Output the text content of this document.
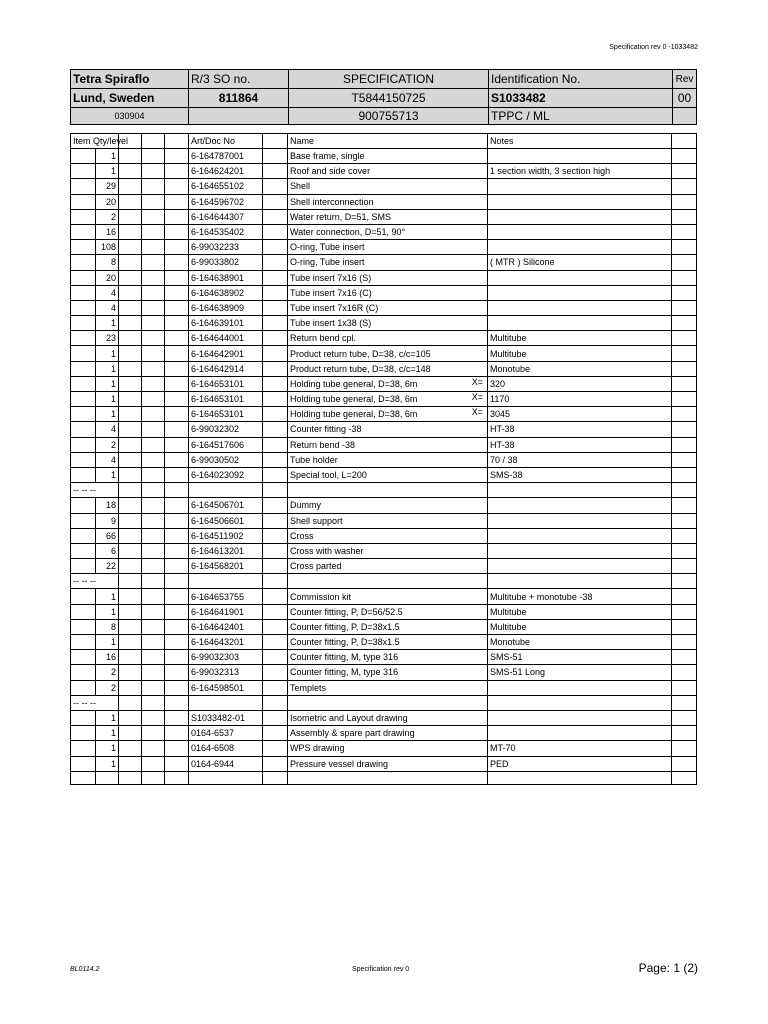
Specification rev 0 -1033482
Tetra Spiraflo	R/3 SO no.	SPECIFICATION	Identification No.	Rev
Lund, Sweden	811864	T5844150725	S1033482	00
030904		900755713	TPPC / ML	
Item Qty/level					Art/Doc No		Name	Notes	
	1				6-164787001		Base frame, single		
	1				6-164624201		Roof and side cover	1 section width, 3 section high	
	29				6-164655102		Shell		
	20				6-164596702		Shell interconnection		
	2				6-164644307		Water return, D=51, SMS		
	16				6-164535402		Water connection, D=51, 90°		
	108				6-99032233		O-ring, Tube insert		
	8				6-99033802		O-ring, Tube insert	( MTR ) Silicone	
	20				6-164638901		Tube insert 7x16 (S)		
	4				6-164638902		Tube insert 7x16 (C)		
	4				6-164638909		Tube insert 7x16R (C)		
	1				6-164639101		Tube insert 1x38 (S)		
	23				6-164644001		Return bend cpl.	Multitube	
	1				6-164642901		Product return tube, D=38, c/c=105	Multitube	
	1				6-164642914		Product return tube, D=38, c/c=148	Monotube	
	1				6-164653101		Holding tube general, D=38, 6m X=	320	
	1				6-164653101		Holding tube general, D=38, 6m X=	1170	
	1				6-164653101		Holding tube general, D=38, 6m X=	3045	
	4				6-99032302		Counter fitting -38	HT-38	
	2				6-164517606		Return bend -38	HT-38	
	4				6-99030502		Tube holder	70 / 38	
	1				6-164023092		Special tool, L=200	SMS-38	
-- -- --									
	18				6-164506701		Dummy		
	9				6-164506601		Shell support		
	66				6-164511902		Cross		
	6				6-164613201		Cross with washer		
	22				6-164568201		Cross parted		
-- -- --									
	1				6-164653755		Commission kit	Multitube + monotube -38	
	1				6-164641901		Counter fitting, P, D=56/52.5	Multitube	
	8				6-164642401		Counter fitting, P, D=38x1.5	Multitube	
	1				6-164643201		Counter fitting, P, D=38x1.5	Monotube	
	16				6-99032303		Counter fitting, M, type 316	SMS-51	
	2				6-99032313		Counter fitting, M, type 316	SMS-51 Long	
	2				6-164598501		Templets		
-- -- --									
	1				S1033482-01		Isometric and Layout drawing		
	1				0164-6537		Assembly & spare part drawing		
	1				0164-6508		WPS drawing	MT-70	
	1				0164-6944		Pressure vessel drawing	PED	

BL0114.2	Specification rev 0	Page: 1 (2)
